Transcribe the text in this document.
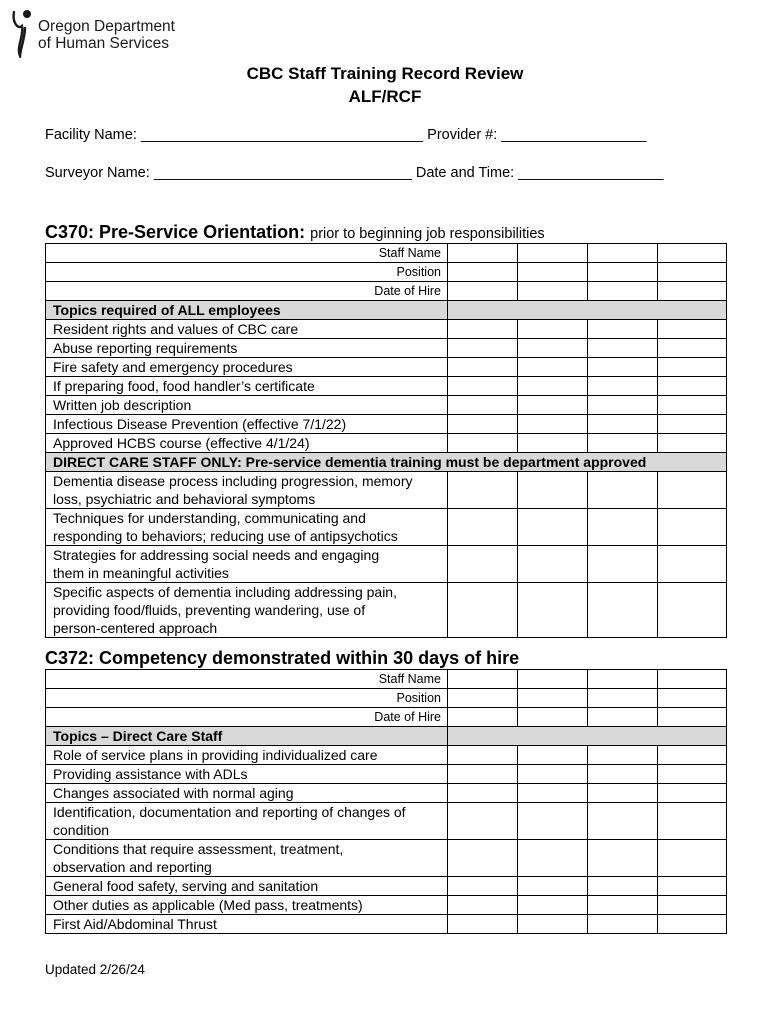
Oregon Department
of Human Services
CBC Staff Training Record Review
ALF/RCF
Facility Name: ___________________________________ Provider #: __________________
Surveyor Name: ________________________________ Date and Time: __________________
C370: Pre-Service Orientation: prior to beginning job responsibilities
Staff Name				
Position				
Date of Hire				
Topics required of ALL employees				
Resident rights and values of CBC care				
Abuse reporting requirements				
Fire safety and emergency procedures				
If preparing food, food handler’s certificate				
Written job description				
Infectious Disease Prevention (effective 7/1/22)				
Approved HCBS course (effective 4/1/24)				
DIRECT CARE STAFF ONLY: Pre-service dementia training must be department approved				

Dementia disease process including progression, memory
loss, psychiatric and behavioral symptoms				

Techniques for understanding, communicating and
responding to behaviors; reducing use of antipsychotics				

Strategies for addressing social needs and engaging
them in meaningful activities				

Specific aspects of dementia including addressing pain,
providing food/fluids, preventing wandering, use of
person-centered approach				

C372: Competency demonstrated within 30 days of hire
Staff Name				
Position				
Date of Hire				
Topics – Direct Care Staff				

Role of service plans in providing individualized care				

Providing assistance with ADLs				

Changes associated with normal aging				

Identification, documentation and reporting of changes of
condition				

Conditions that require assessment, treatment,
observation and reporting				

General food safety, serving and sanitation				

Other duties as applicable (Med pass, treatments)				

First Aid/Abdominal Thrust				

Updated 2/26/24
